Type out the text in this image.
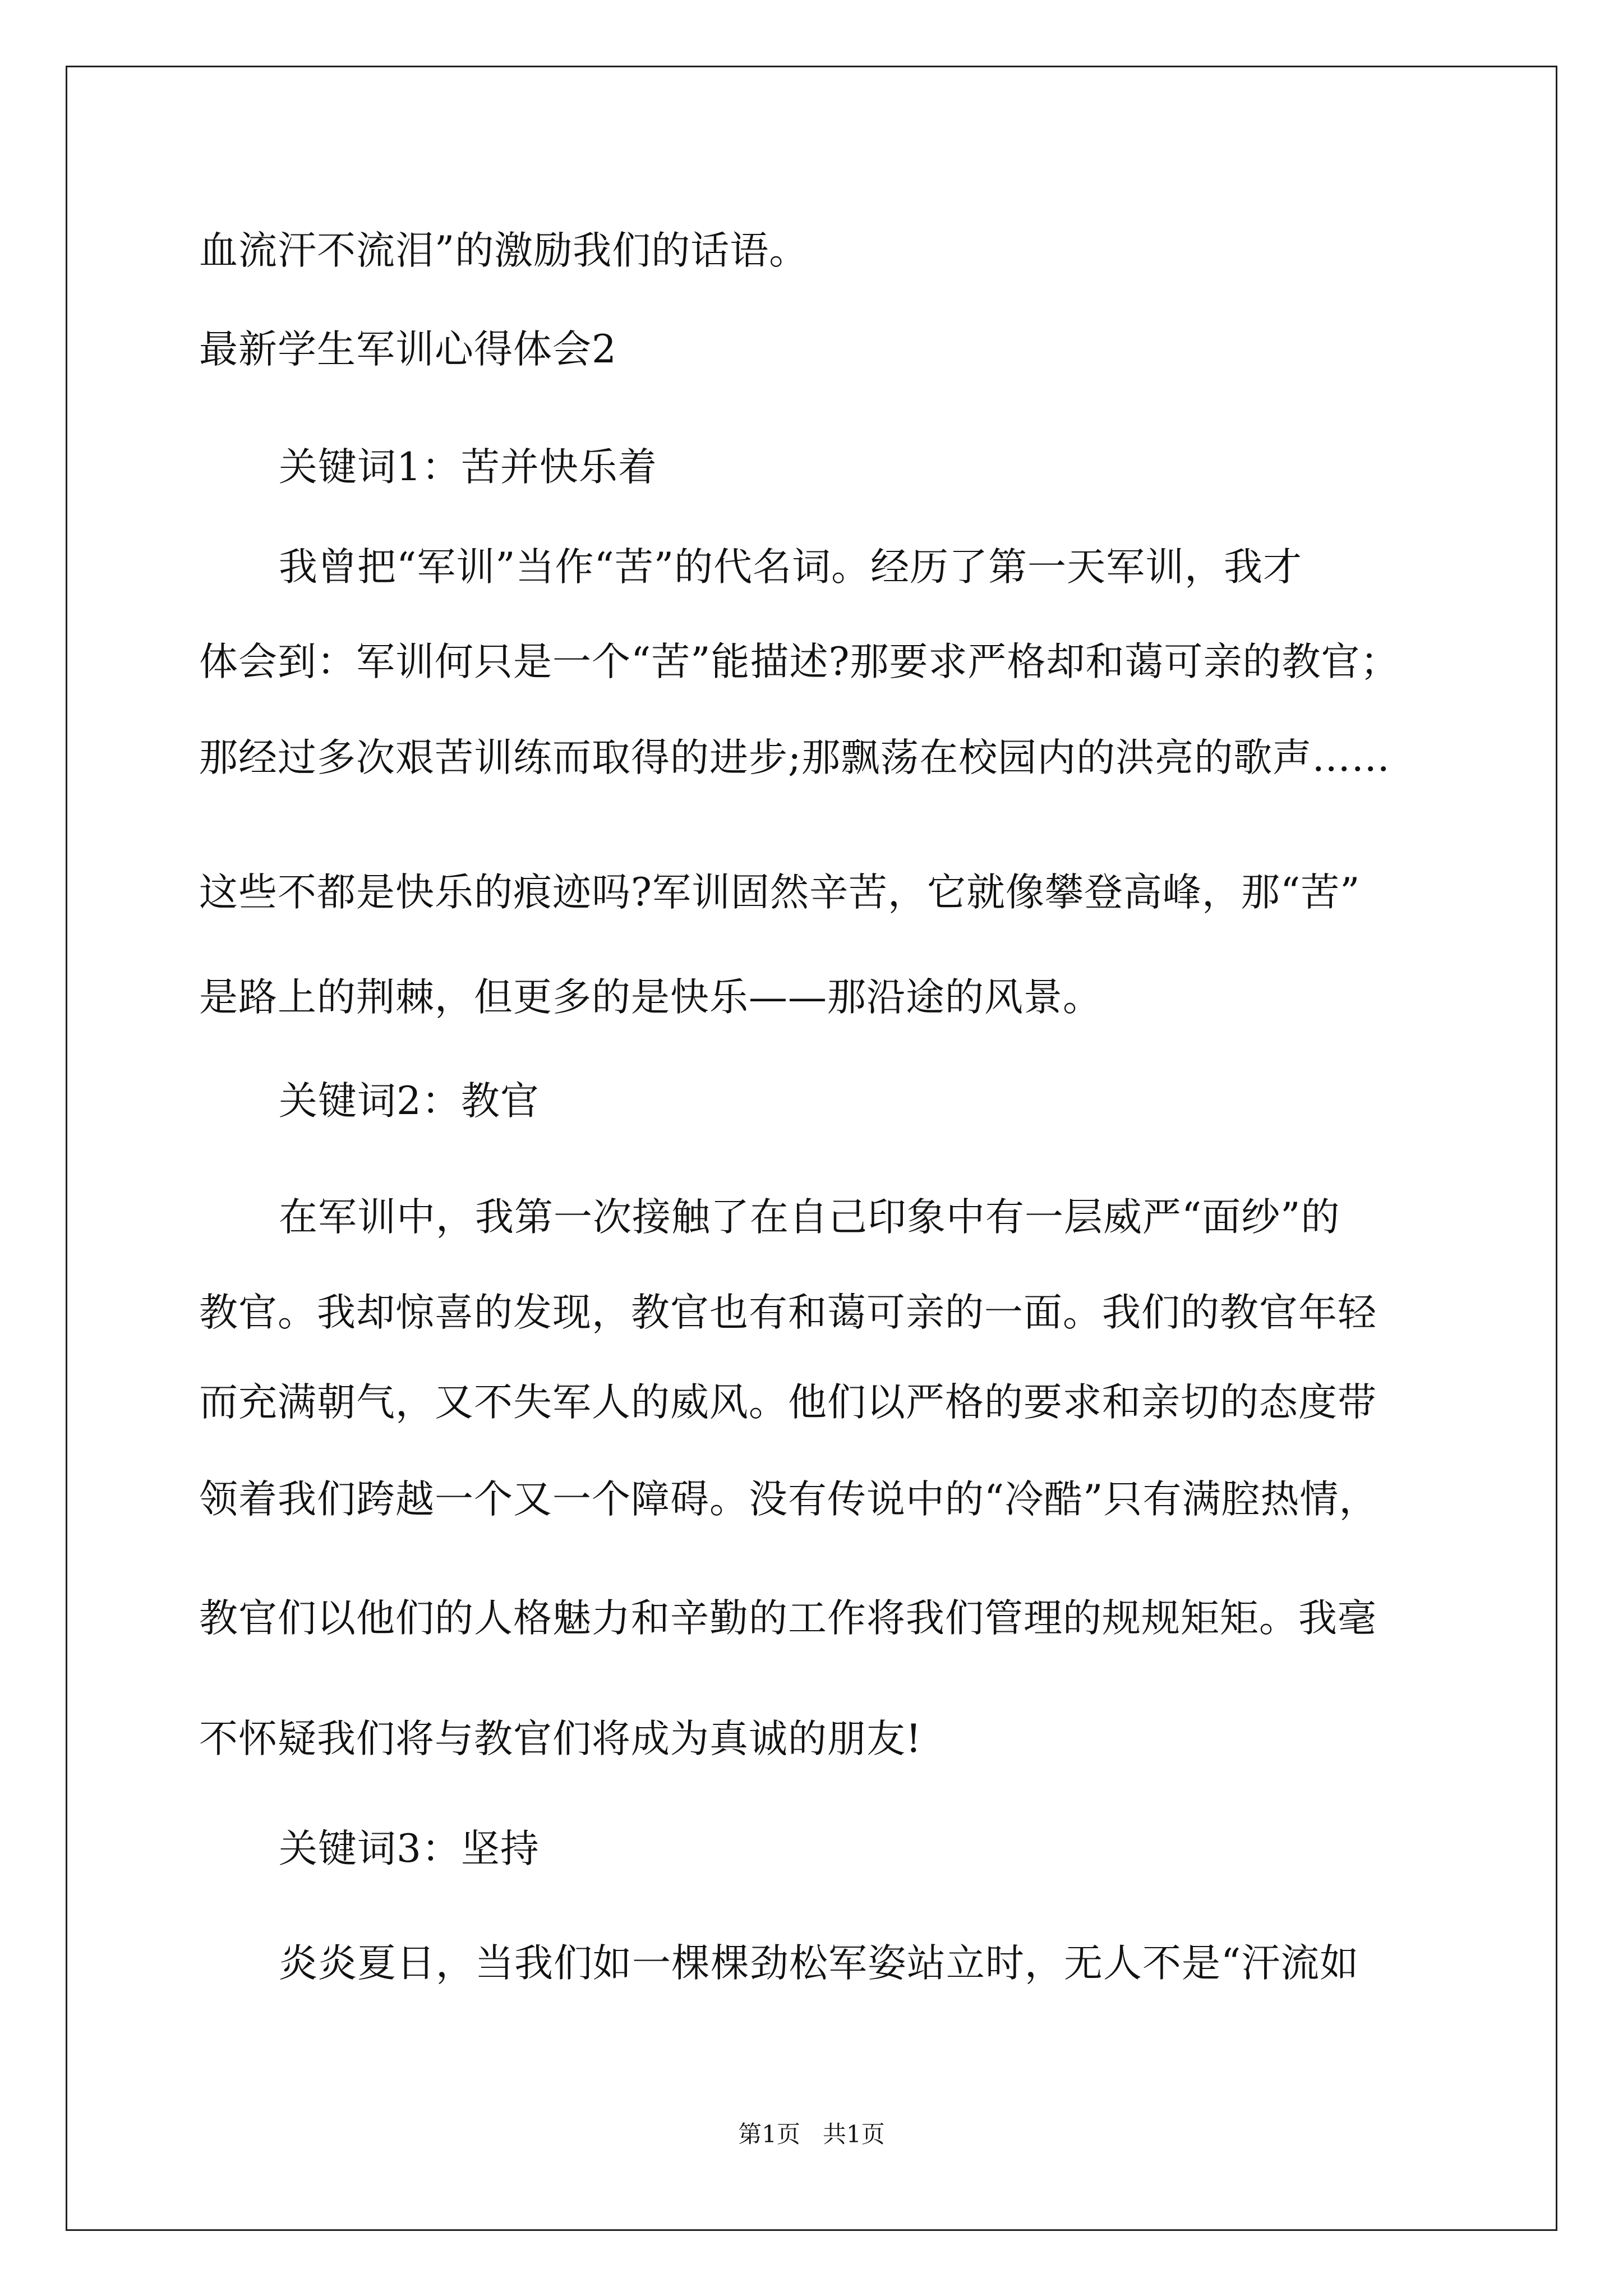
血流汗不流泪”的激励我们的话语。
最新学生军训心得体会2
关键词1：苦并快乐着
我曾把“军训”当作“苦”的代名词。经历了第一天军训，我才
体会到：军训何只是一个“苦”能描述?那要求严格却和蔼可亲的教官；
那经过多次艰苦训练而取得的进步;那飘荡在校园内的洪亮的歌声……
这些不都是快乐的痕迹吗?军训固然辛苦，它就像攀登高峰，那“苦”
是路上的荆棘，但更多的是快乐——那沿途的风景。
关键词2：教官
在军训中，我第一次接触了在自己印象中有一层威严“面纱”的
教官。我却惊喜的发现，教官也有和蔼可亲的一面。我们的教官年轻
而充满朝气，又不失军人的威风。他们以严格的要求和亲切的态度带
领着我们跨越一个又一个障碍。没有传说中的“冷酷”只有满腔热情，
教官们以他们的人格魅力和辛勤的工作将我们管理的规规矩矩。我毫
不怀疑我们将与教官们将成为真诚的朋友!
关键词3：坚持
炎炎夏日，当我们如一棵棵劲松军姿站立时，无人不是“汗流如
第1页   共1页
